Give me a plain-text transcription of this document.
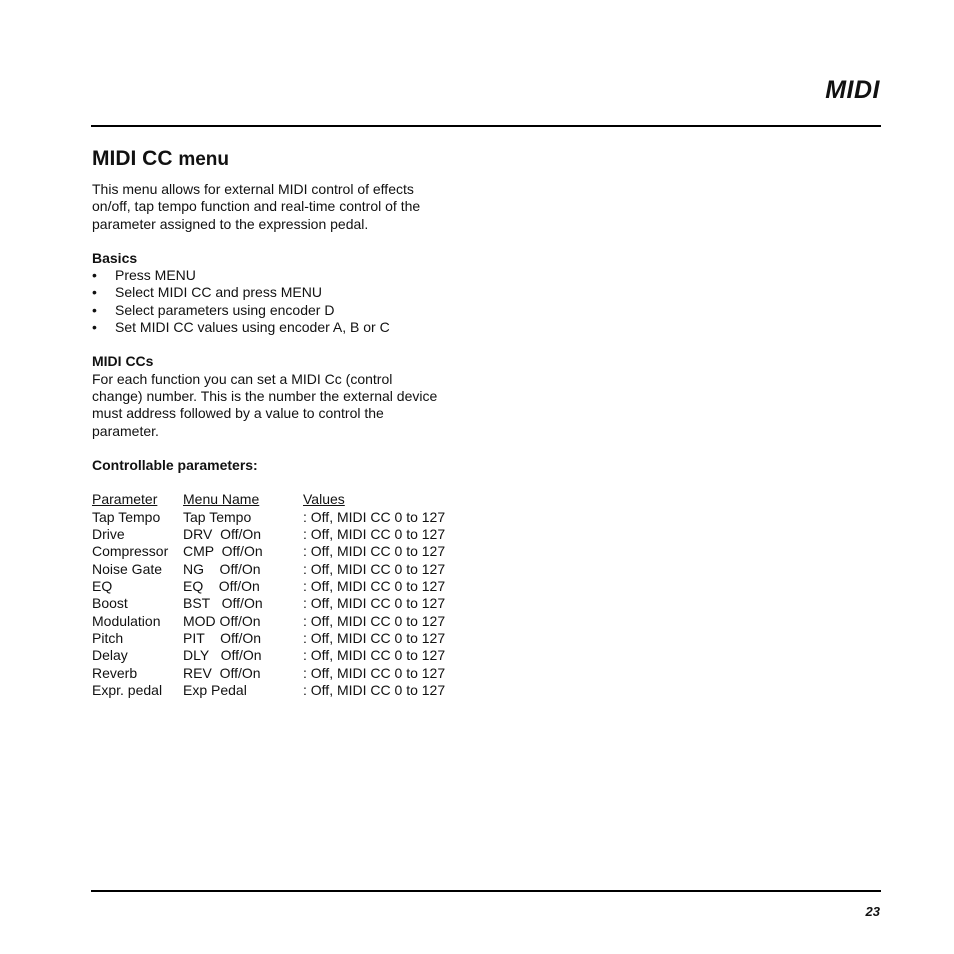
MIDI
MIDI CC menu

This menu allows for external MIDI control of effects

on/off, tap tempo function and real-time control of the

parameter assigned to the expression pedal.

Basics

• Press MENU
• Select MIDI CC and press MENU
• Select parameters using encoder D
• Set MIDI CC values using encoder A, B or C

MIDI CCs

For each function you can set a MIDI Cc (control

change) number. This is the number the external device

must address followed by a value to control the

parameter.

Controllable parameters:

Parameter	Menu Name	Values
Tap Tempo	Tap Tempo	: Off, MIDI CC 0 to 127
Drive	DRV  Off/On	: Off, MIDI CC 0 to 127
Compressor	CMP  Off/On	: Off, MIDI CC 0 to 127
Noise Gate	NG    Off/On	: Off, MIDI CC 0 to 127
EQ	EQ    Off/On	: Off, MIDI CC 0 to 127
Boost	BST   Off/On	: Off, MIDI CC 0 to 127
Modulation	MOD Off/On	: Off, MIDI CC 0 to 127
Pitch	PIT    Off/On	: Off, MIDI CC 0 to 127
Delay	DLY   Off/On	: Off, MIDI CC 0 to 127
Reverb	REV  Off/On	: Off, MIDI CC 0 to 127
Expr. pedal	Exp Pedal	: Off, MIDI CC 0 to 127
23
